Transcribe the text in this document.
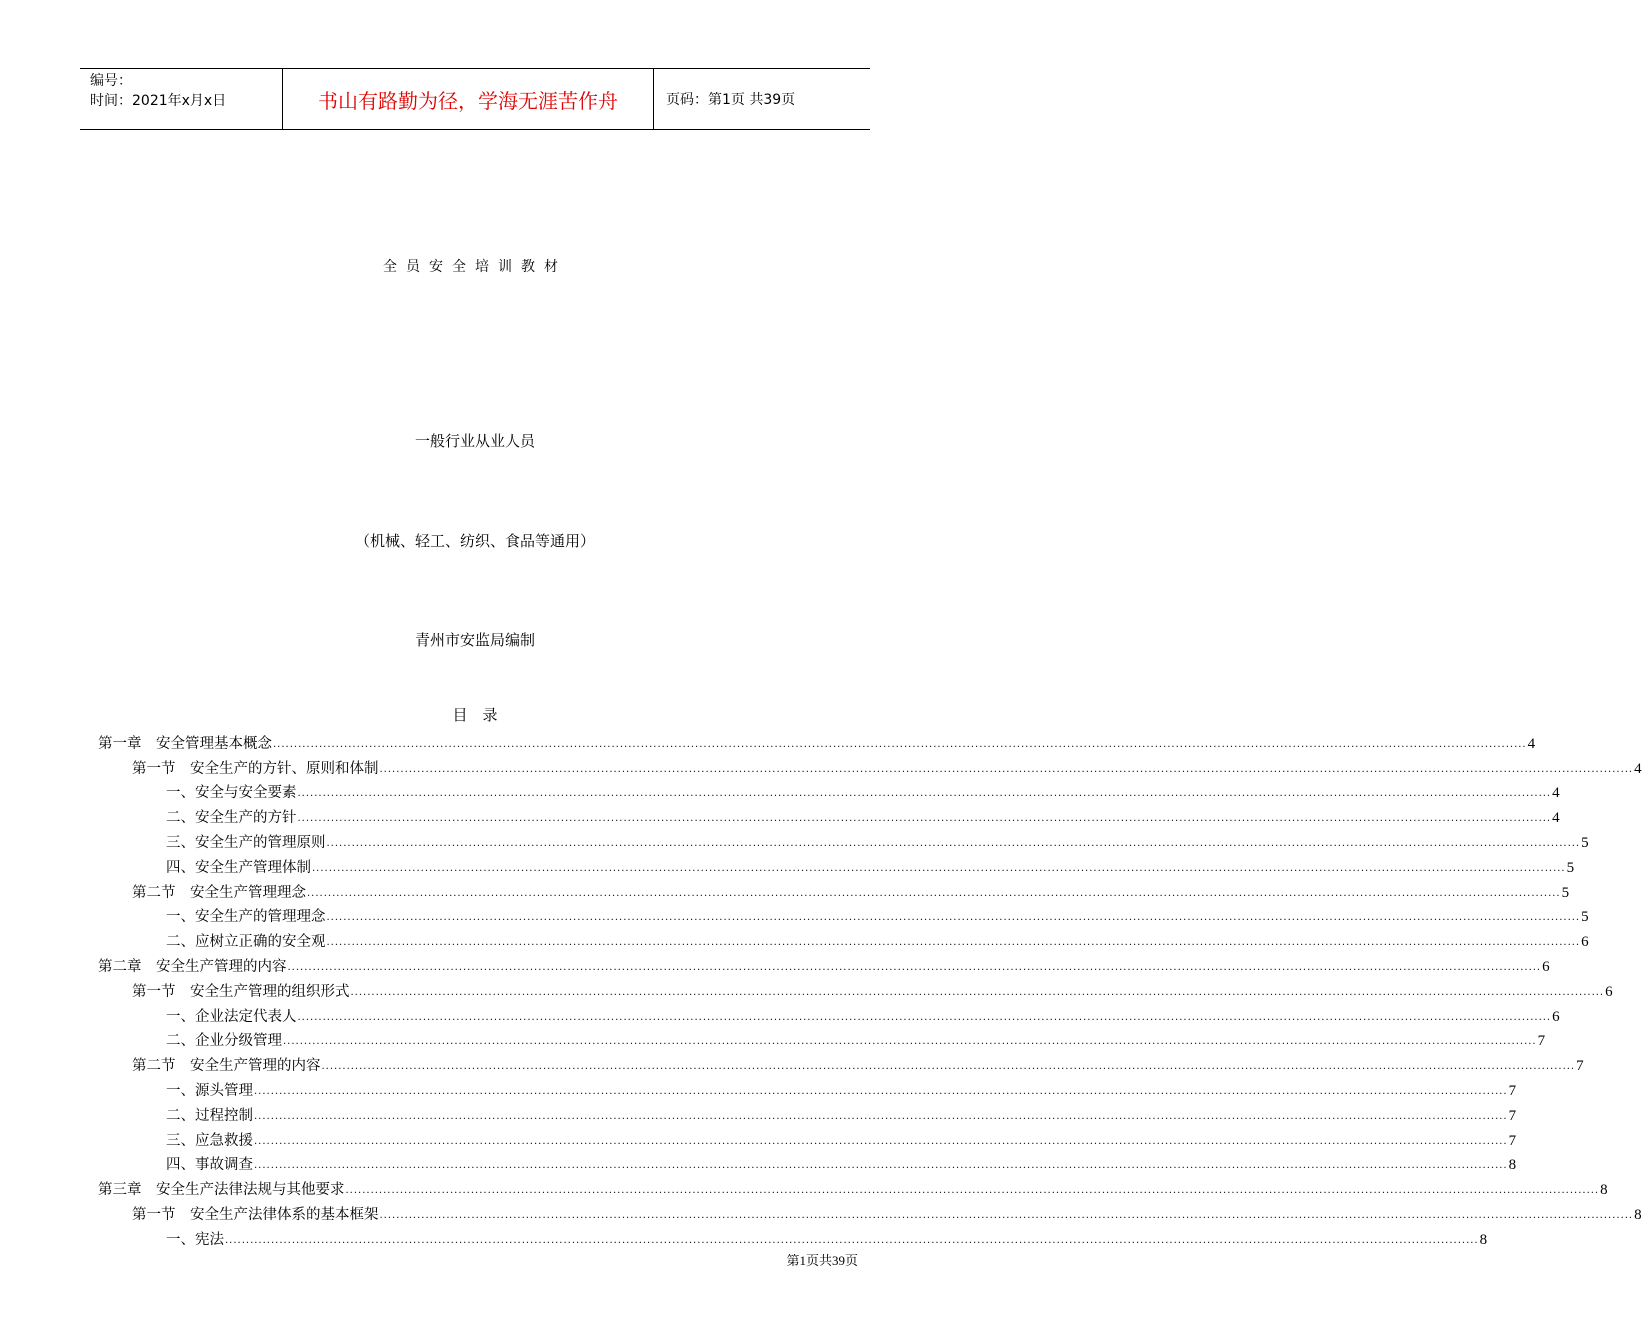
编号：
时间：2021年x月x日	书山有路勤为径，学海无涯苦作舟	页码：第1页 共39页
全员安全培训教材
一般行业从业人员
（机械、轻工、纺织、食品等通用）
青州市安监局编制
目　录
第一章　安全管理基本概念 ............................................................................................................................................................................................................................................................................................................ 4
第一节　安全生产的方针、原则和体制 ............................................................................................................................................................................................................................................................................................................ 4
一、安全与安全要素 ............................................................................................................................................................................................................................................................................................................ 4
二、安全生产的方针 ............................................................................................................................................................................................................................................................................................................ 4
三、安全生产的管理原则 ............................................................................................................................................................................................................................................................................................................ 5
四、安全生产管理体制 ............................................................................................................................................................................................................................................................................................................ 5
第二节　安全生产管理理念 ............................................................................................................................................................................................................................................................................................................ 5
一、安全生产的管理理念 ............................................................................................................................................................................................................................................................................................................ 5
二、应树立正确的安全观 ............................................................................................................................................................................................................................................................................................................ 6
第二章　安全生产管理的内容 ............................................................................................................................................................................................................................................................................................................ 6
第一节　安全生产管理的组织形式 ............................................................................................................................................................................................................................................................................................................ 6
一、企业法定代表人 ............................................................................................................................................................................................................................................................................................................ 6
二、企业分级管理 ............................................................................................................................................................................................................................................................................................................ 7
第二节　安全生产管理的内容 ............................................................................................................................................................................................................................................................................................................ 7
一、源头管理 ............................................................................................................................................................................................................................................................................................................ 7
二、过程控制 ............................................................................................................................................................................................................................................................................................................ 7
三、应急救援 ............................................................................................................................................................................................................................................................................................................ 7
四、事故调查 ............................................................................................................................................................................................................................................................................................................ 8
第三章　安全生产法律法规与其他要求 ............................................................................................................................................................................................................................................................................................................ 8
第一节　安全生产法律体系的基本框架 ............................................................................................................................................................................................................................................................................................................ 8
一、宪法 ............................................................................................................................................................................................................................................................................................................ 8
第1页共39页
